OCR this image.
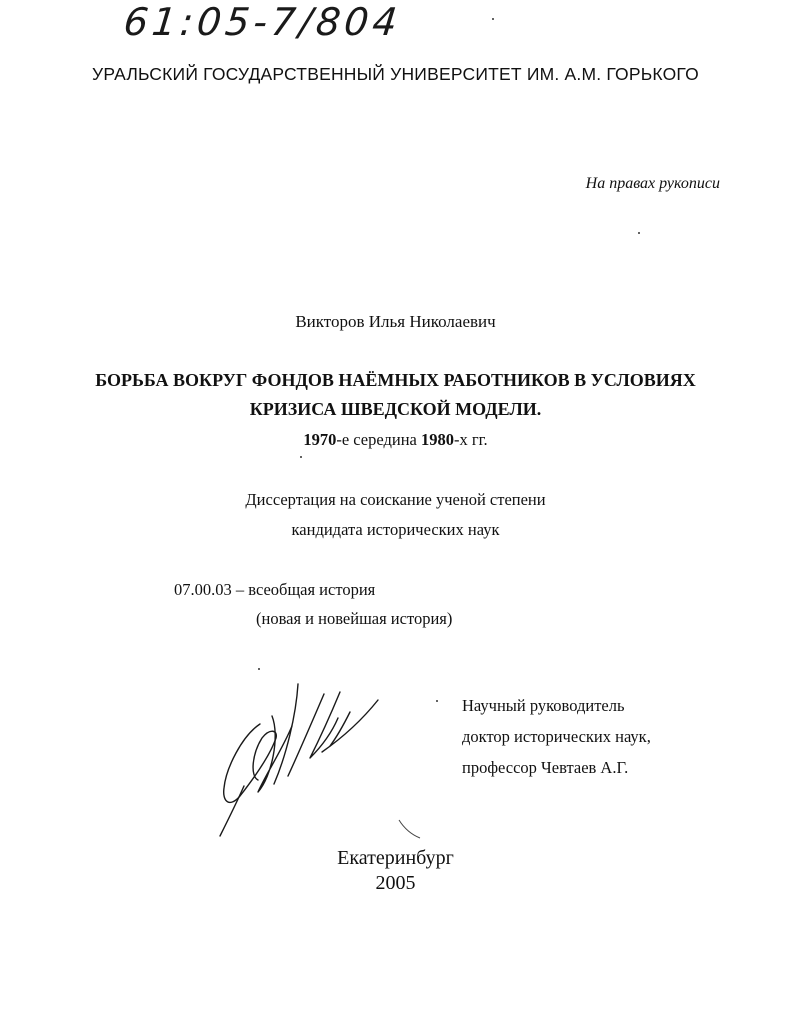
61:05-7/804
УРАЛЬСКИЙ ГОСУДАРСТВЕННЫЙ УНИВЕРСИТЕТ ИМ. А.М. ГОРЬКОГО
На правах рукописи
Викторов Илья Николаевич
БОРЬБА ВОКРУГ ФОНДОВ НАЁМНЫХ РАБОТНИКОВ В УСЛОВИЯХ
КРИЗИСА ШВЕДСКОЙ МОДЕЛИ.
1970-е середина 1980-х гг.
Диссертация на соискание ученой степени
кандидата исторических наук
07.00.03 – всеобщая история
(новая и новейшая история)
Научный руководитель
доктор исторических наук,
профессор Чевтаев А.Г.
Екатеринбург
2005
